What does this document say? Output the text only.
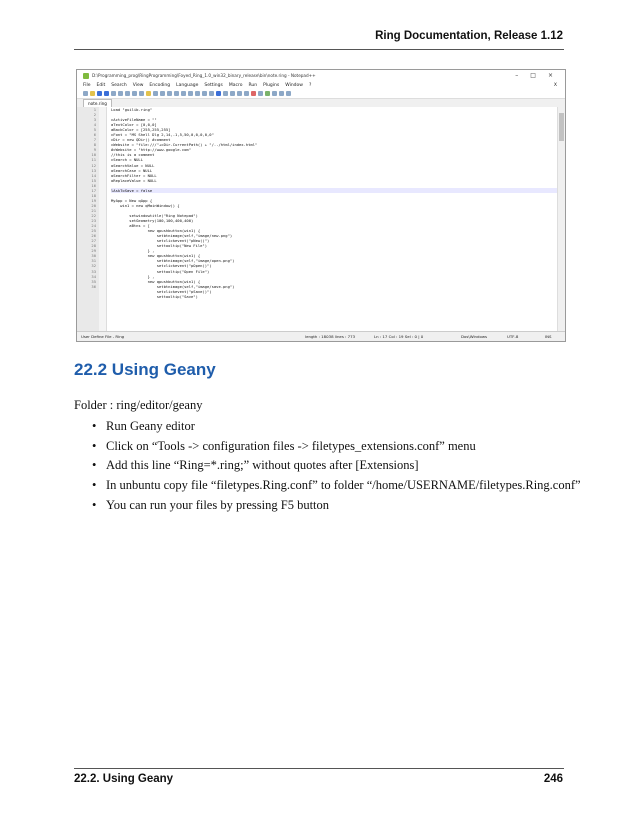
Ring Documentation, Release 1.12
D:\Programming_prog\RingProgramming\Foyed_Ring_1.0_win32_binary_release\bin\note.ring - Notepad++	– □ ×
File Edit Search View Encoding Language Settings Macro Run Plugins Window ?	X
note.ring
1
2
3
4
5
6
7
8
9
10
11
12
13
14
15
16
17
18
19
20
21
22
23
24
25
26
27
28
29
30
31
32
33
34
35
36
Load "guilib.ring"
cActiveFileName = ""
aTextColor = [0,0,0]
aBackColor = [255,255,255]
cFont = "MS Shell Dlg 2,14,-1,5,50,0,0,0,0,0"
cDir = new QDir() #comment
cWebsite = "file:///"+cDir.CurrentPath() + "/../html/index.html"
#cWebsite = "http://www.google.com"
//this is a comment
cSearch = NULL
oSearchValue = NULL
oSearchCase = NULL
oSearchFilter = NULL
oReplaceValue = NULL
lAskToSave = false
MyApp = New qApp {
win1 = new qMainWindow() {
setwindowtitle("Ring Notepad")
setGeometry(100,100,400,400)
aBtns = [
new qpushbutton(win1) {
setbtnimage(self,"image/new.png")
setclickevent("pNew()")
settooltip("New File")
} ,
new qpushbutton(win1) {
setbtnimage(self,"image/open.png")
setclickevent("pOpen()")
settooltip("Open File")
} ,
new qpushbutton(win1) {
setbtnimage(self,"image/save.png")
setclickevent("pSave()")
settooltip("Save")
User Define File - Ring	length : 18038 lines : 773	Ln : 17 Col : 19 Sel : 0 | 0	Dos\Windows	UTF-8	INS
22.2 Using Geany
Folder : ring/editor/geany
• Run Geany editor
• Click on “Tools -> configuration files -> filetypes_extensions.conf” menu
• Add this line “Ring=*.ring;” without quotes after [Extensions]
• In unbuntu copy file “filetypes.Ring.conf” to folder “/home/USERNAME/filetypes.Ring.conf”
• You can run your files by pressing F5 button
22.2. Using Geany	246
